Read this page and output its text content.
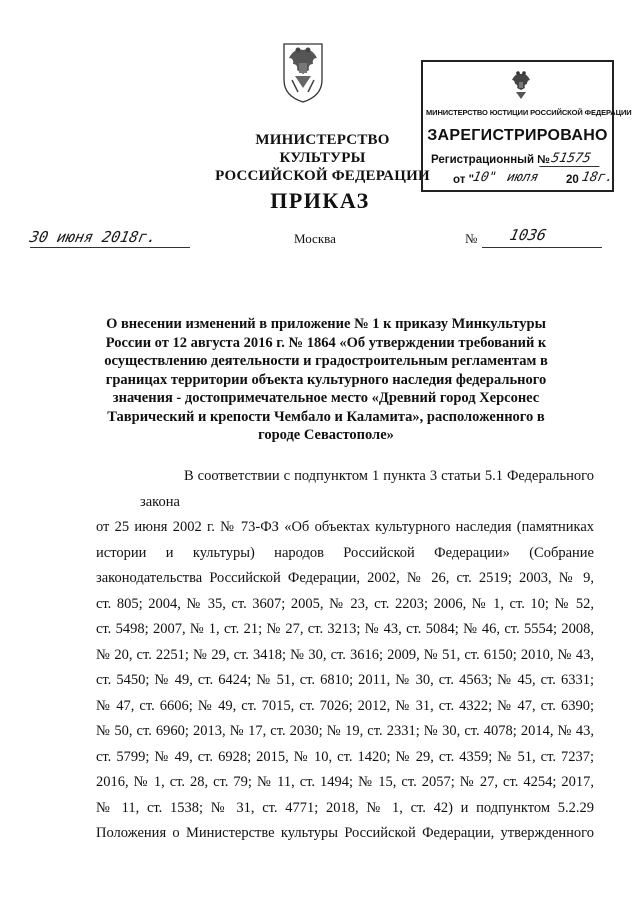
МИНИСТЕРСТВО КУЛЬТУРЫ
РОССИЙСКОЙ ФЕДЕРАЦИИ
МИНИСТЕРСТВО ЮСТИЦИИ РОССИЙСКОЙ ФЕДЕРАЦИИ
ЗАРЕГИСТРИРОВАНО
Регистрационный № 51575
от "
10" июля 20 18г.
ПРИКАЗ
30 июня 2018г.	Москва	№ 1036
О внесении изменений в приложение № 1 к приказу Минкультуры России от 12 августа 2016 г. № 1864 «Об утверждении требований к осуществлению деятельности и градостроительным регламентам в границах территории объекта культурного наследия федерального значения - достопримечательное место «Древний город Херсонес Таврический и крепости Чембало и Каламита», расположенного в городе Севастополе»
В соответствии с подпунктом 1 пункта 3 статьи 5.1 Федерального закона
от 25 июня 2002 г. № 73-ФЗ «Об объектах культурного наследия (памятниках
истории и культуры) народов Российской Федерации» (Собрание
законодательства Российской Федерации, 2002, № 26, ст. 2519; 2003, № 9,
ст. 805; 2004, № 35, ст. 3607; 2005, № 23, ст. 2203; 2006, № 1, ст. 10; № 52,
ст. 5498; 2007, № 1, ст. 21; № 27, ст. 3213; № 43, ст. 5084; № 46, ст. 5554; 2008,
№ 20, ст. 2251; № 29, ст. 3418; № 30, ст. 3616; 2009, № 51, ст. 6150; 2010, № 43,
ст. 5450; № 49, ст. 6424; № 51, ст. 6810; 2011, № 30, ст. 4563; № 45, ст. 6331;
№ 47, ст. 6606; № 49, ст. 7015, ст. 7026; 2012, № 31, ст. 4322; № 47, ст. 6390;
№ 50, ст. 6960; 2013, № 17, ст. 2030; № 19, ст. 2331; № 30, ст. 4078; 2014, № 43,
ст. 5799; № 49, ст. 6928; 2015, № 10, ст. 1420; № 29, ст. 4359; № 51, ст. 7237;
2016, № 1, ст. 28, ст. 79; № 11, ст. 1494; № 15, ст. 2057; № 27, ст. 4254; 2017,
№ 11, ст. 1538; № 31, ст. 4771; 2018, № 1, ст. 42) и подпунктом 5.2.29
Положения о Министерстве культуры Российской Федерации, утвержденного
